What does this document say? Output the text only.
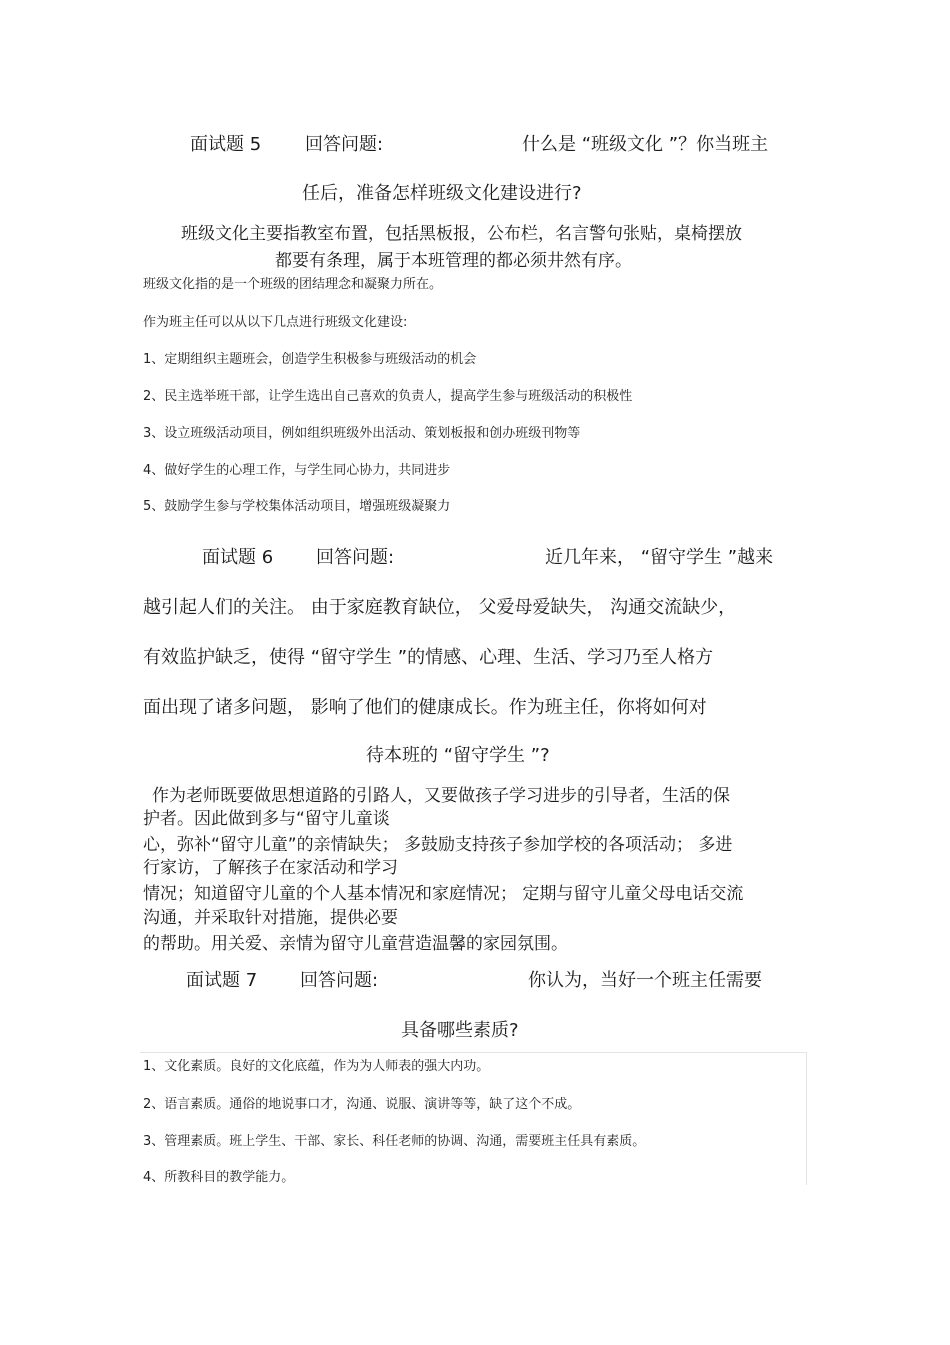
面试题 5 回答问题:	什么是 “班级文化 ”？你当班主
任后，准备怎样班级文化建设进行?
班级文化主要指教室布置，包括黑板报，公布栏，名言警句张贴，桌椅摆放
都要有条理，属于本班管理的都必须井然有序。
班级文化指的是一个班级的团结理念和凝聚力所在。
作为班主任可以从以下几点进行班级文化建设:
1、定期组织主题班会，创造学生积极参与班级活动的机会
2、民主选举班干部，让学生选出自己喜欢的负责人，提高学生参与班级活动的积极性
3、设立班级活动项目，例如组织班级外出活动、策划板报和创办班级刊物等
4、做好学生的心理工作，与学生同心协力，共同进步
5、鼓励学生参与学校集体活动项目，增强班级凝聚力
面试题 6 回答问题:	近几年来， “留守学生 ”越来
越引起人们的关注。 由于家庭教育缺位， 父爱母爱缺失， 沟通交流缺少，
有效监护缺乏，使得 “留守学生 ”的情感、心理、生活、学习乃至人格方
面出现了诸多问题， 影响了他们的健康成长。作为班主任，你将如何对
待本班的 “留守学生 ”?
作为老师既要做思想道路的引路人，又要做孩子学习进步的引导者，生活的保
护者。因此做到多与“留守儿童谈
心，弥补“留守儿童”的亲情缺失； 多鼓励支持孩子参加学校的各项活动； 多进
行家访，了解孩子在家活动和学习
情况；知道留守儿童的个人基本情况和家庭情况； 定期与留守儿童父母电话交流
沟通，并采取针对措施，提供必要
的帮助。用关爱、亲情为留守儿童营造温馨的家园氛围。
面试题 7 回答问题:	你认为，当好一个班主任需要
具备哪些素质?
1、文化素质。良好的文化底蕴，作为为人师表的强大内功。
2、语言素质。通俗的地说事口才，沟通、说服、演讲等等，缺了这个不成。
3、管理素质。班上学生、干部、家长、科任老师的协调、沟通，需要班主任具有素质。
4、所教科目的教学能力。
